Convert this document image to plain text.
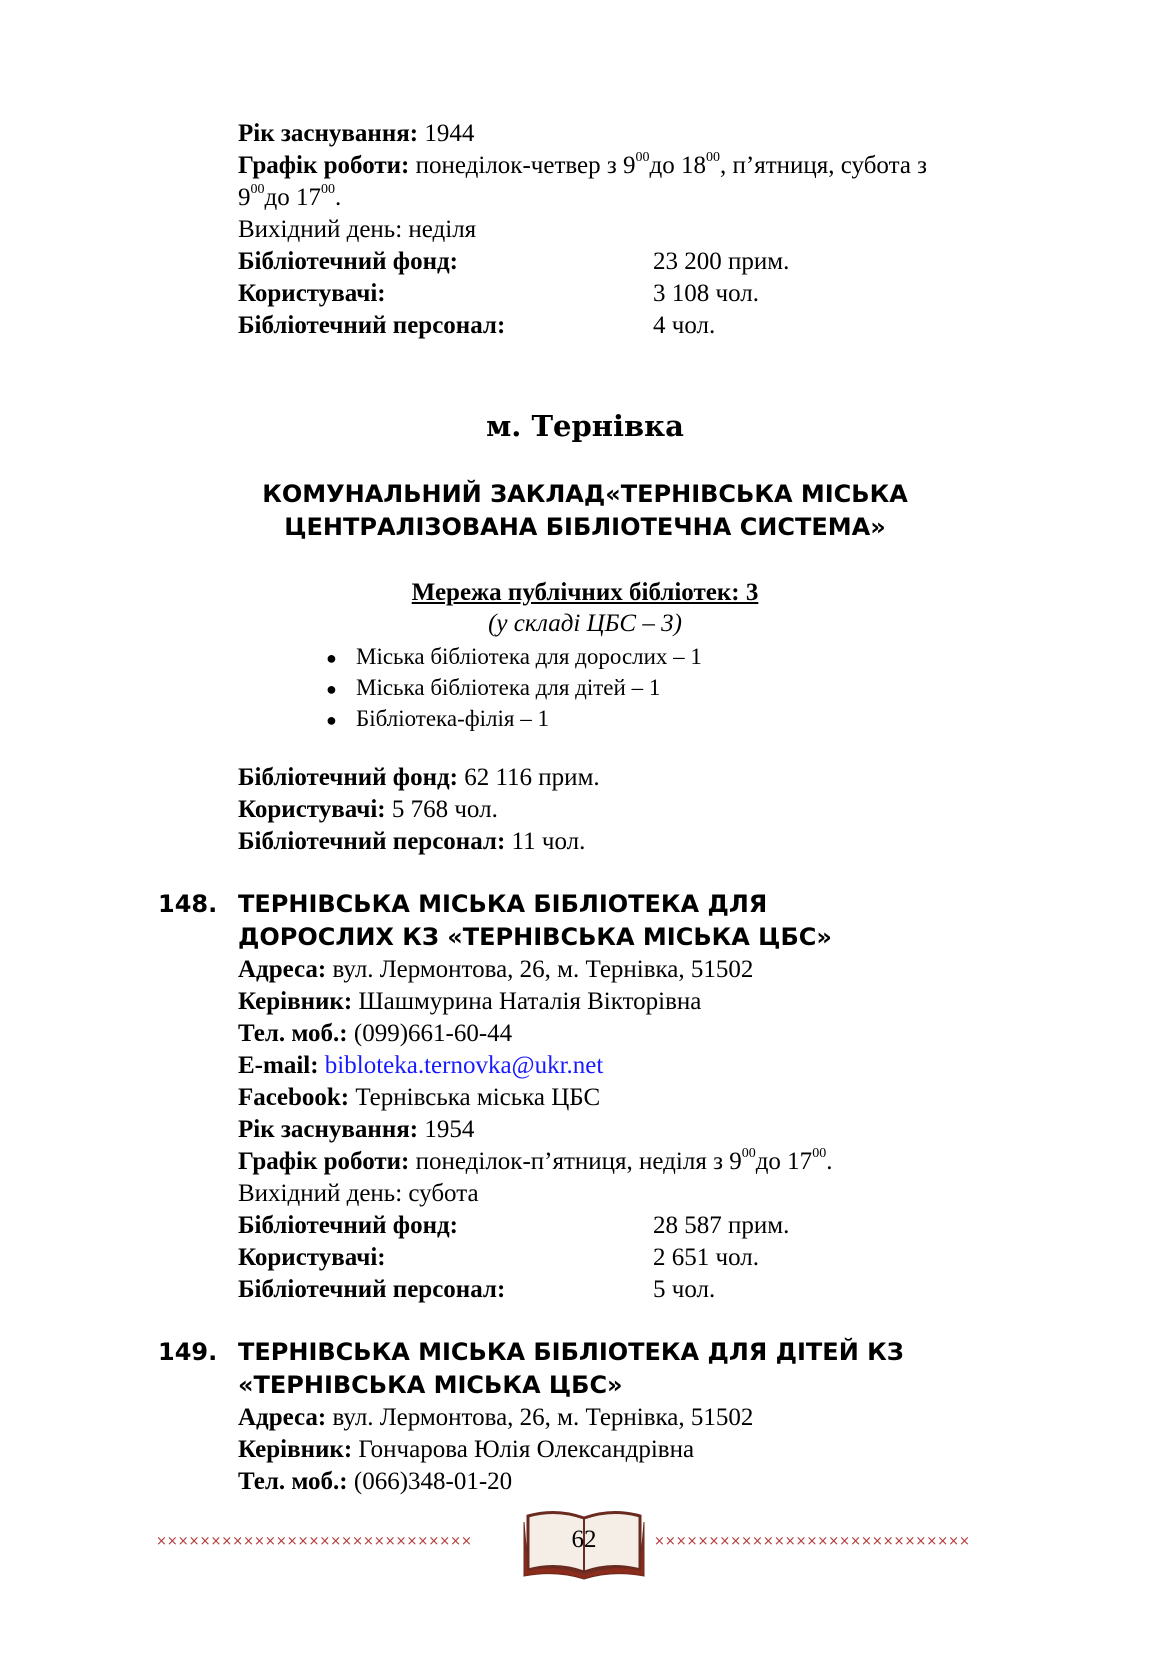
Рік заснування: 1944
Графік роботи: понеділок-четвер з $9^{00}до$ $18^{00}$, п’ятниця, субота з
$9^{00}до$ $17^{00}$.
Вихідний день: неділя
Бібліотечний фонд:	23 200 прим.
Користувачі:	3 108 чол.
Бібліотечний персонал:	4 чол.
м. Тернівка
КОМУНАЛЬНИЙ ЗАКЛАД«ТЕРНІВСЬКА МІСЬКА
ЦЕНТРАЛІЗОВАНА БІБЛІОТЕЧНА СИСТЕМА»
Мережа публічних бібліотек: 3
(у складі ЦБС – 3)
● Міська бібліотека для дорослих – 1
● Міська бібліотека для дітей – 1
● Бібліотека-філія – 1
Бібліотечний фонд: 62 116 прим.
Користувачі: 5 768 чол.
Бібліотечний персонал: 11 чол.
148. ТЕРНІВСЬКА МІСЬКА БІБЛІОТЕКА ДЛЯ
ДОРОСЛИХ КЗ «ТЕРНІВСЬКА МІСЬКА ЦБС»
Адреса: вул. Лермонтова, 26, м. Тернівка, 51502
Керівник: Шашмурина Наталія Вікторівна
Тел. моб.: (099)661-60-44
E-mail: bibloteka.ternovka@ukr.net
Facebook: Тернівська міська ЦБС
Рік заснування: 1954
Графік роботи: понеділок-п’ятниця, неділя з $9^{00}до$ $17^{00}$.
Вихідний день: субота
Бібліотечний фонд:	28 587 прим.
Користувачі:	2 651 чол.
Бібліотечний персонал:	5 чол.
149. ТЕРНІВСЬКА МІСЬКА БІБЛІОТЕКА ДЛЯ ДІТЕЙ КЗ
«ТЕРНІВСЬКА МІСЬКА ЦБС»
Адреса: вул. Лермонтова, 26, м. Тернівка, 51502
Керівник: Гончарова Юлія Олександрівна
Тел. моб.: (066)348-01-20
×××××××××××××××××××××××××××××	×××××××××××××××××××××××××××××
62
